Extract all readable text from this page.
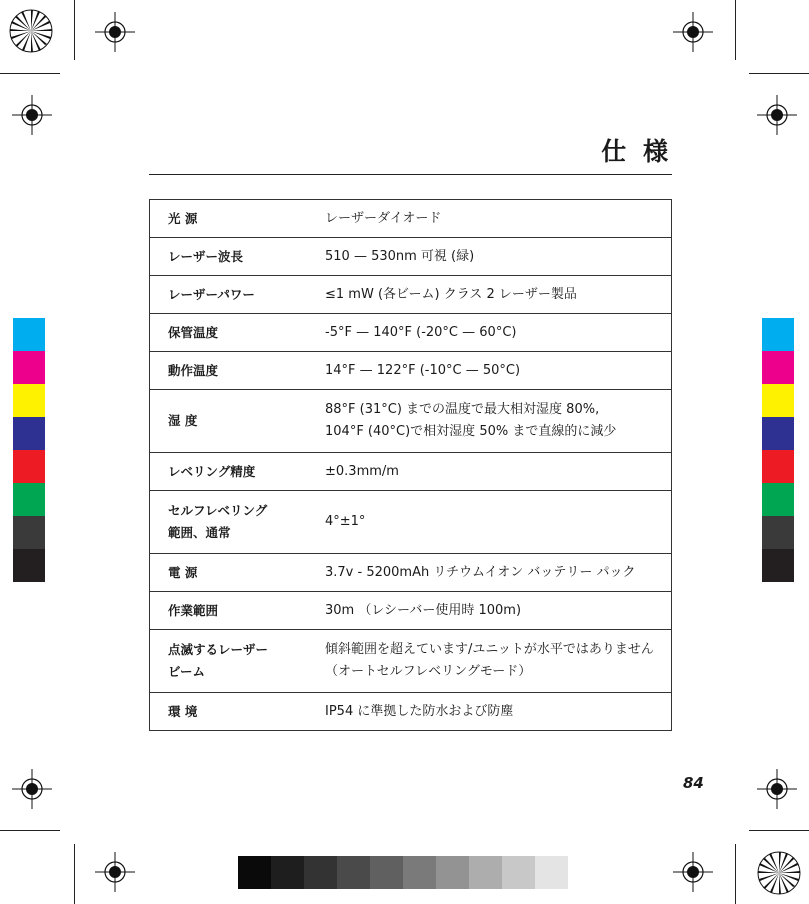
仕 様
光 源	レーザーダイオード
レーザー波長	510 — 530nm 可視 (緑)
レーザーパワー	≤1 mW (各ビーム) クラス 2 レーザー製品
保管温度	-5°F — 140°F (-20°C — 60°C)
動作温度	14°F — 122°F (-10°C — 50°C)
湿 度	88°F (31°C) までの温度で最大相対湿度 80%,
104°F (40°C)で相対湿度 50% まで直線的に減少
レベリング精度	±0.3mm/m
セルフレベリング
範囲、通常	4°±1°
電 源	3.7v - 5200mAh リチウムイオン バッテリー パック
作業範囲	30m （レシーバー使用時 100m)
点滅するレーザー
ビーム	傾斜範囲を超えています/ユニットが水平ではありません
（オートセルフレベリングモード）
環 境	IP54 に準拠した防水および防塵
84
